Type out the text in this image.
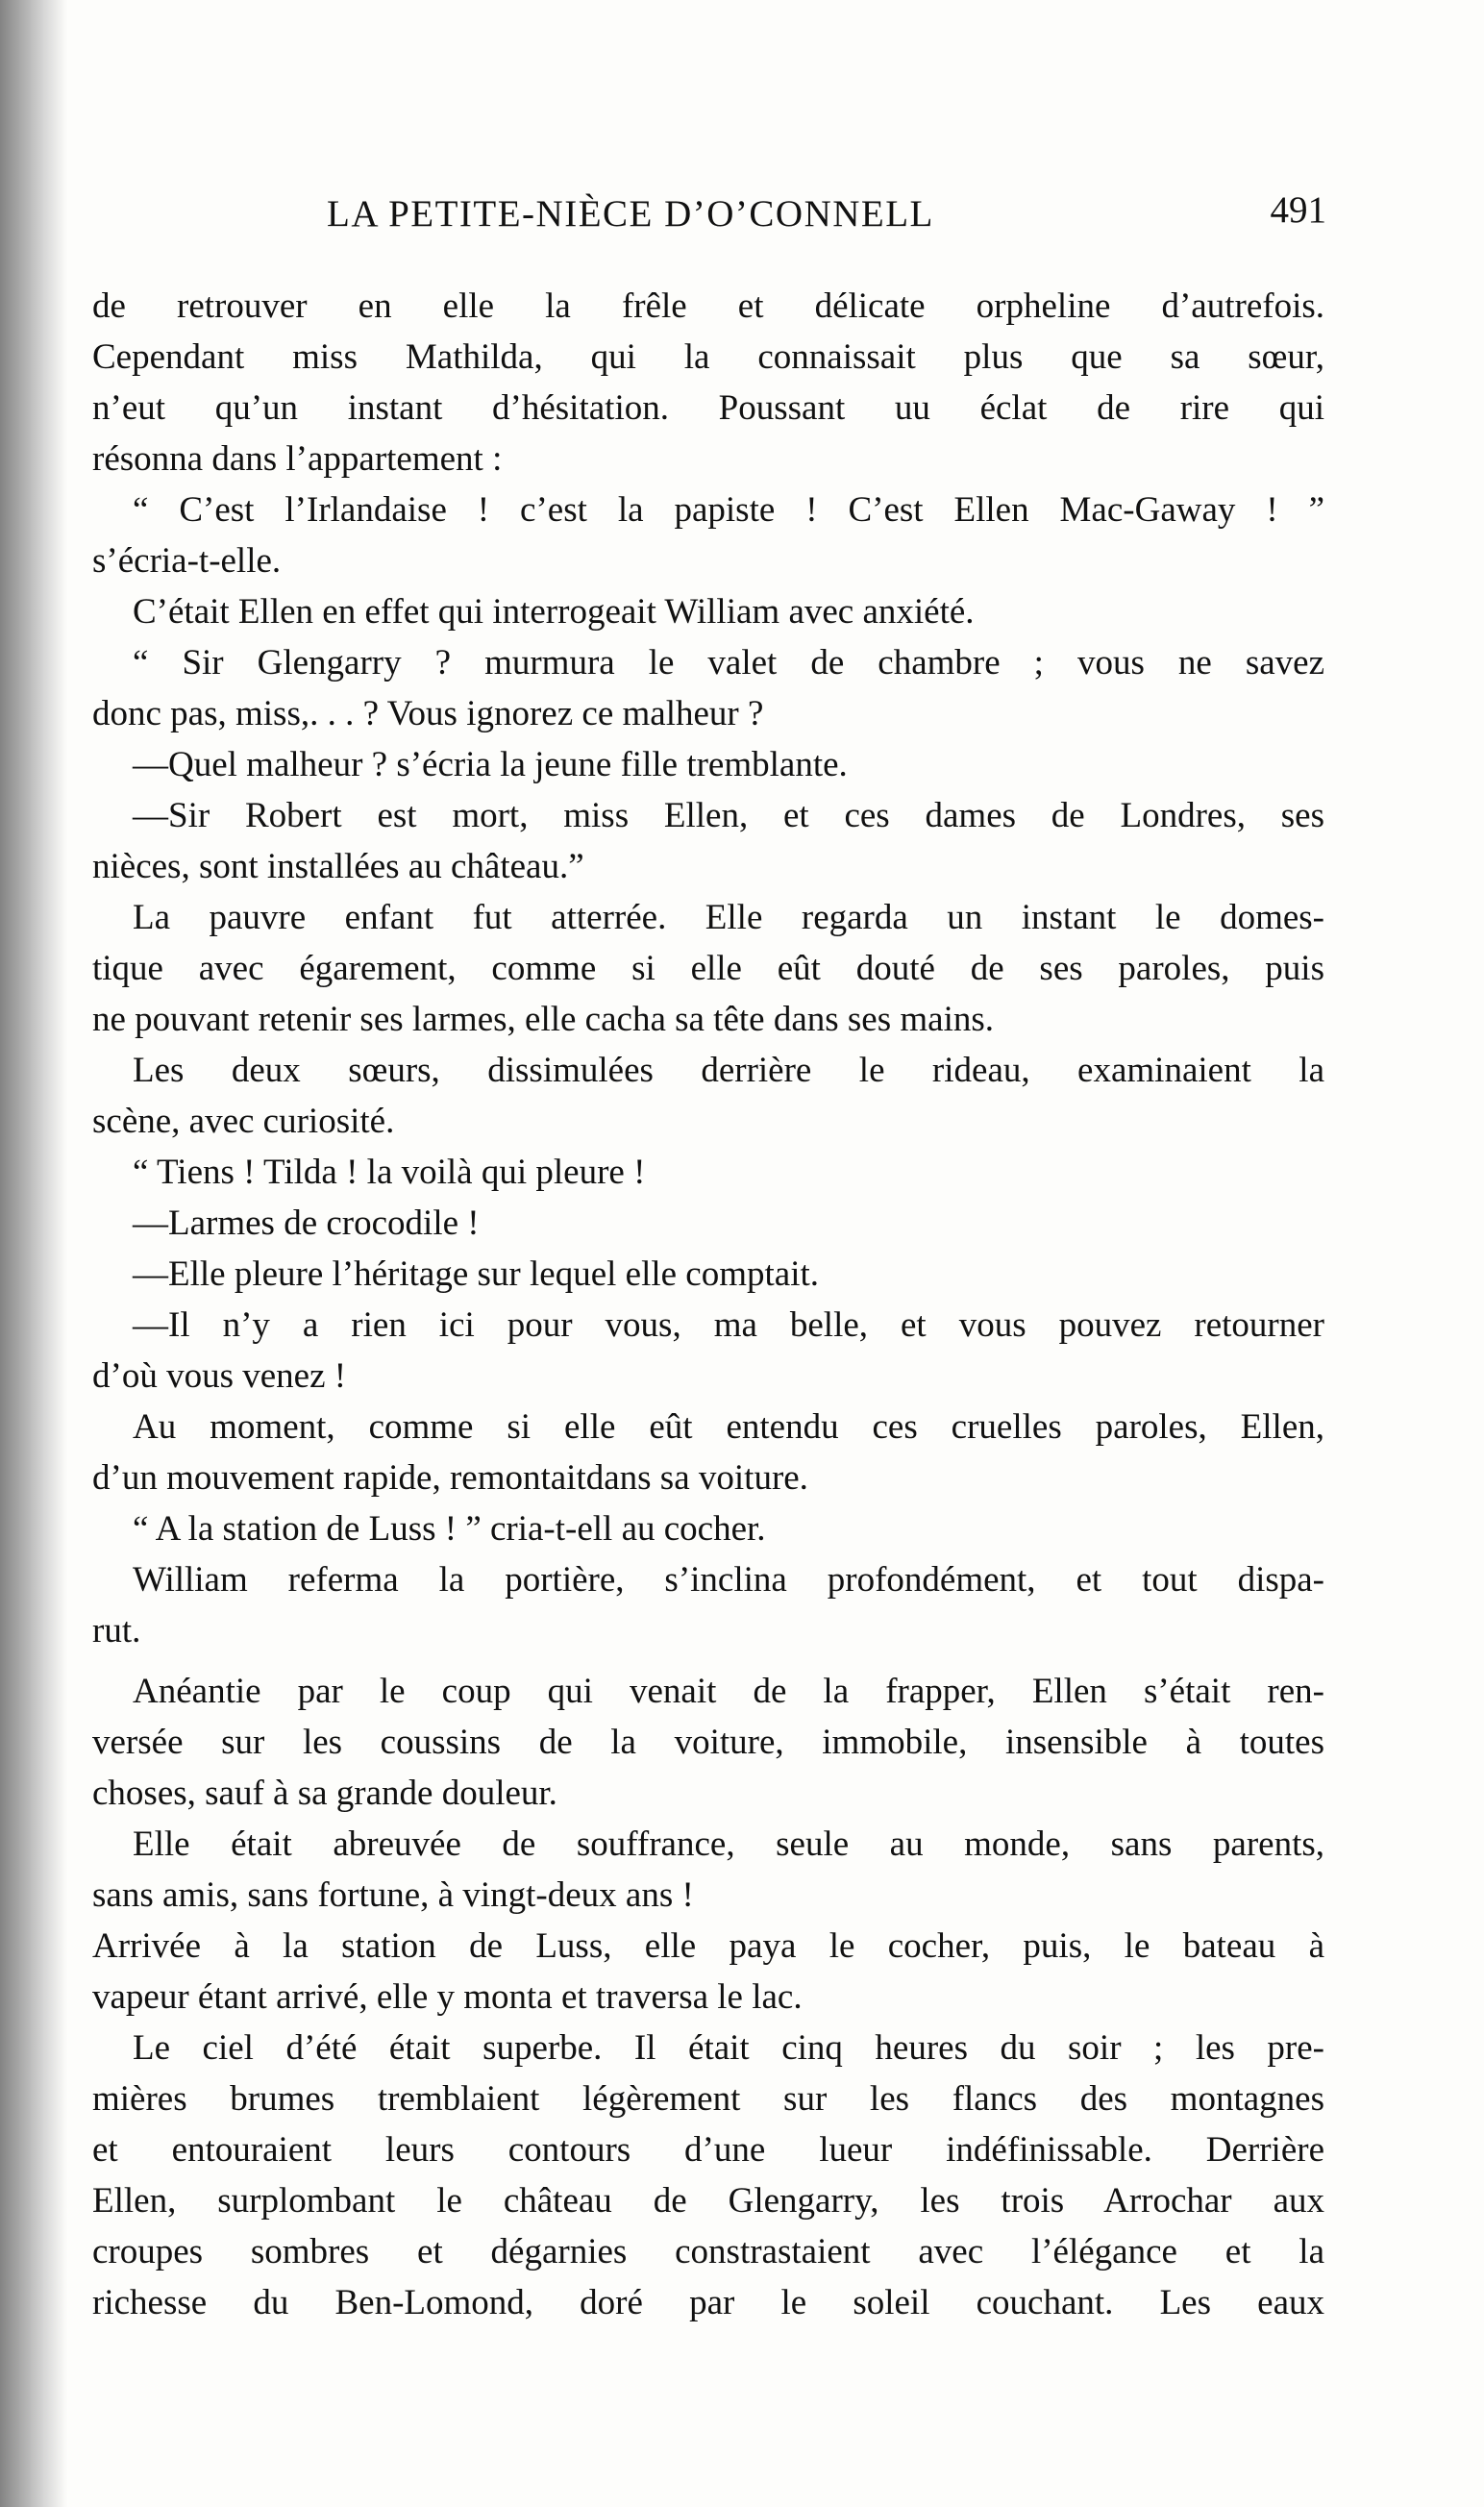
LA PETITE-NIÈCE D’O’CONNELL	491
de retrouver en elle la frêle et délicate orpheline d’autrefois.
Cependant miss Mathilda, qui la connaissait plus que sa sœur,
n’eut qu’un instant d’hésitation. Poussant uu éclat de rire qui
résonna dans l’appartement :
“ C’est l’Irlandaise ! c’est la papiste ! C’est Ellen Mac-Gaway ! ”
s’écria-t-elle.
C’était Ellen en effet qui interrogeait William avec anxiété.
“ Sir Glengarry ? murmura le valet de chambre ; vous ne savez
donc pas, miss,. . . ? Vous ignorez ce malheur ?
—Quel malheur ? s’écria la jeune fille tremblante.
—Sir Robert est mort, miss Ellen, et ces dames de Londres, ses
nièces, sont installées au château.”
La pauvre enfant fut atterrée. Elle regarda un instant le domes-
tique avec égarement, comme si elle eût douté de ses paroles, puis
ne pouvant retenir ses larmes, elle cacha sa tête dans ses mains.
Les deux sœurs, dissimulées derrière le rideau, examinaient la
scène, avec curiosité.
“ Tiens ! Tilda ! la voilà qui pleure !
—Larmes de crocodile !
—Elle pleure l’héritage sur lequel elle comptait.
—Il n’y a rien ici pour vous, ma belle, et vous pouvez retourner
d’où vous venez !
Au moment, comme si elle eût entendu ces cruelles paroles, Ellen,
d’un mouvement rapide, remontaitdans sa voiture.
“ A la station de Luss ! ” cria-t-ell au cocher.
William referma la portière, s’inclina profondément, et tout dispa-
rut.
Anéantie par le coup qui venait de la frapper, Ellen s’était ren-
versée sur les coussins de la voiture, immobile, insensible à toutes
choses, sauf à sa grande douleur.
Elle était abreuvée de souffrance, seule au monde, sans parents,
sans amis, sans fortune, à vingt-deux ans !
Arrivée à la station de Luss, elle paya le cocher, puis, le bateau à
vapeur étant arrivé, elle y monta et traversa le lac.
Le ciel d’été était superbe. Il était cinq heures du soir ; les pre-
mières brumes tremblaient légèrement sur les flancs des montagnes
et entouraient leurs contours d’une lueur indéfinissable. Derrière
Ellen, surplombant le château de Glengarry, les trois Arrochar aux
croupes sombres et dégarnies constrastaient avec l’élégance et la
richesse du Ben-Lomond, doré par le soleil couchant. Les eaux
